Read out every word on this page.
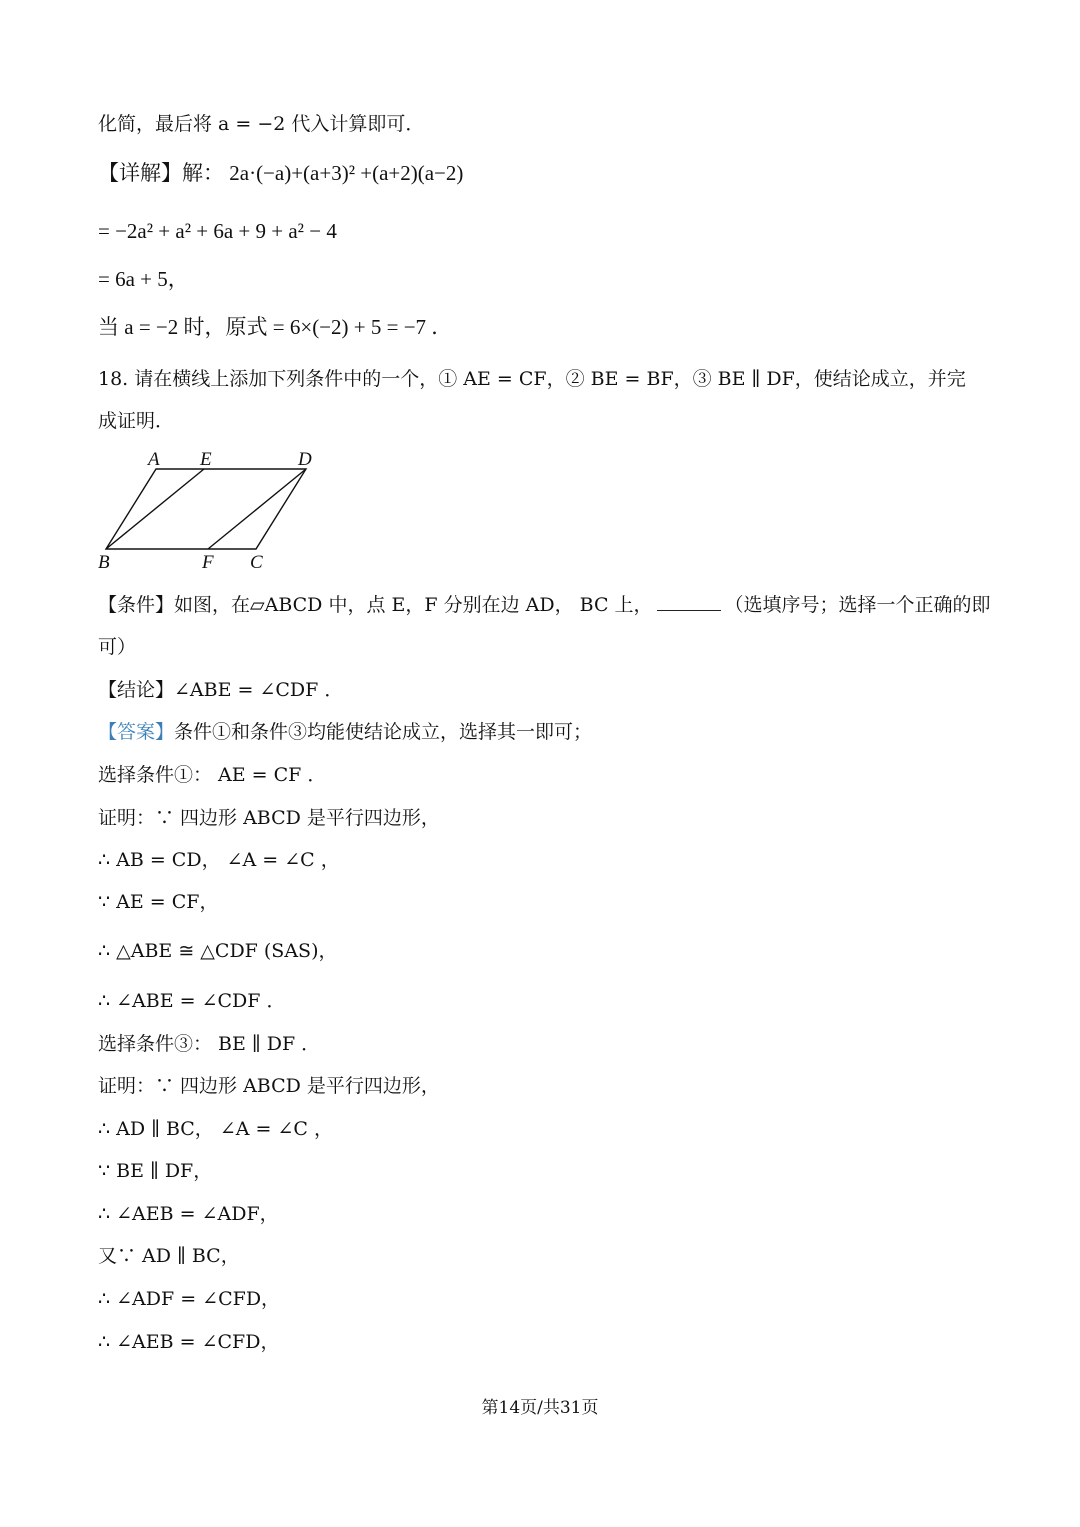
化简，最后将 a = −2 代入计算即可．
【详解】解： 2a·(−a)+(a+3)² +(a+2)(a−2)
= −2a² + a² + 6a + 9 + a² − 4
= 6a + 5，
当 a = −2 时，原式 = 6×(−2) + 5 = −7 ．
18. 请在横线上添加下列条件中的一个，① AE = CF，② BE = BF，③ BE ∥ DF，使结论成立，并完
成证明．
A E	D
B	F C
【条件】如图，在▱ABCD 中，点 E，F 分别在边 AD， BC 上，	（选填序号；选择一个正确的即
可）
【结论】∠ABE = ∠CDF ．
【答案】条件①和条件③均能使结论成立，选择其一即可；
选择条件①： AE = CF ．
证明：∵ 四边形 ABCD 是平行四边形，
∴ AB = CD， ∠A = ∠C ，
∵ AE = CF，
∴ △ABE ≅ △CDF (SAS)，
∴ ∠ABE = ∠CDF ．
选择条件③： BE ∥ DF ．
证明：∵ 四边形 ABCD 是平行四边形，
∴ AD ∥ BC， ∠A = ∠C ，
∵ BE ∥ DF，
∴ ∠AEB = ∠ADF，
又∵ AD ∥ BC，
∴ ∠ADF = ∠CFD，
∴ ∠AEB = ∠CFD，
第14页/共31页
